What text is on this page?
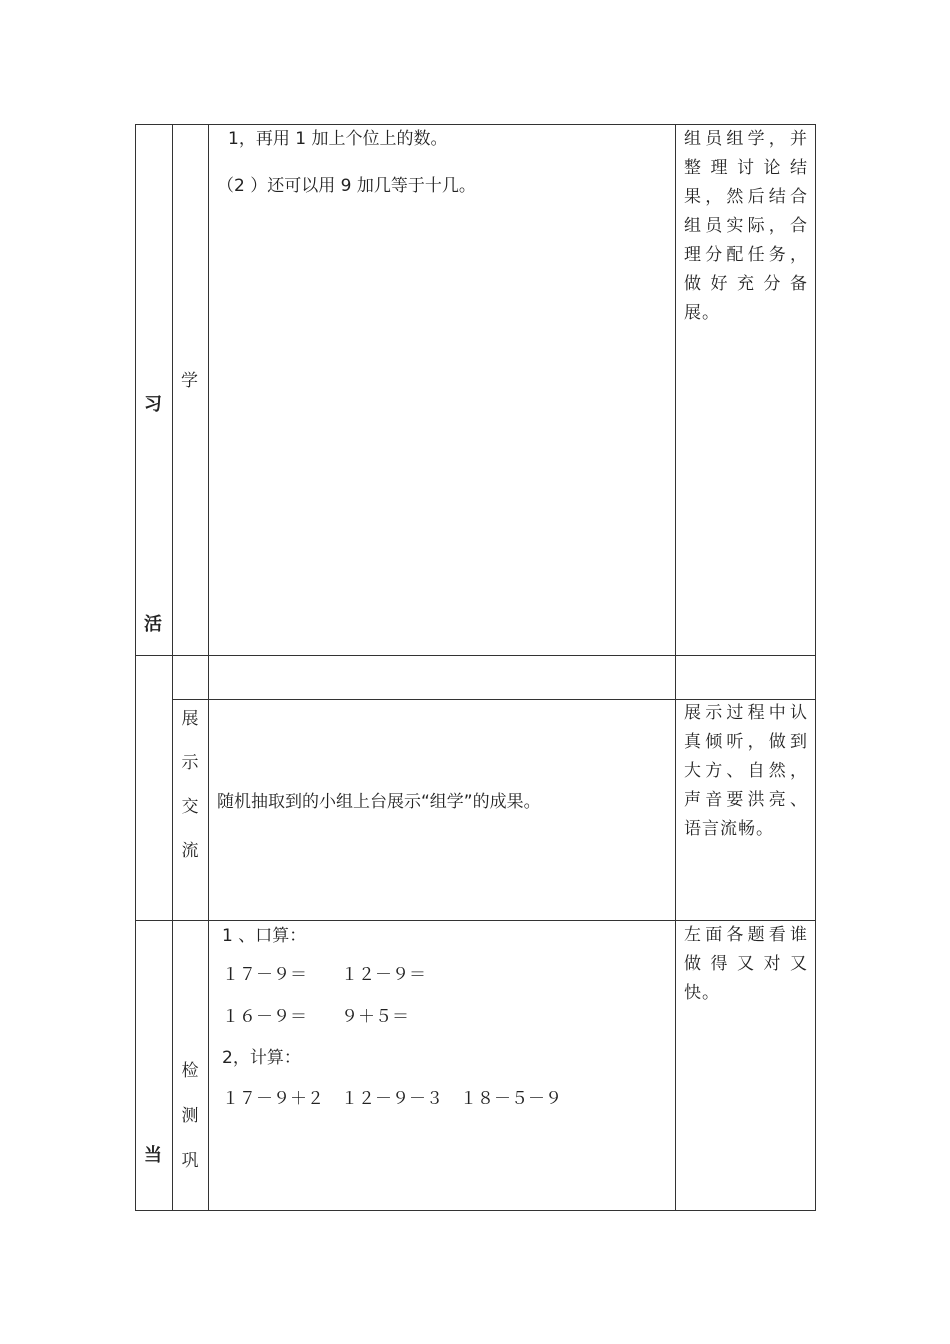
习
活
当
学
1，再用 1 加上个位上的数。
（2 ）还可以用 9 加几等于十几。
组员组学，并整理讨论结果，然后结合组员实际，合理分配任务，做好充分备展。
展
示
交
流
随机抽取到的小组上台展示“组学”的成果。
展示过程中认真倾听，做到大方、自然，声音要洪亮、语言流畅。
检
测
巩
1 、口算：
１７－９＝　　１２－９＝
１６－９＝　　９＋５＝
2，计算：
１７－９＋２　１２－９－３　１８－５－９
左面各题看谁做得又对又快。
